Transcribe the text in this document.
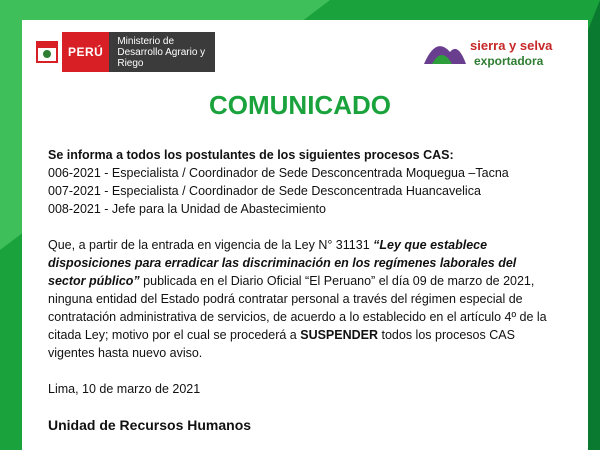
PERÚ
Ministerio de Desarrollo Agrario y Riego
sierra y selva
exportadora
COMUNICADO

Se informa a todos los postulantes de los siguientes procesos CAS:

006-2021 - Especialista / Coordinador de Sede Desconcentrada Moquegua –Tacna

007-2021 - Especialista / Coordinador de Sede Desconcentrada Huancavelica

008-2021 - Jefe para la Unidad de Abastecimiento

Que, a partir de la entrada en vigencia de la Ley N° 31131 “Ley que establece disposiciones para erradicar las discriminación en los regímenes laborales del sector público” publicada en el Diario Oficial “El Peruano” el día 09 de marzo de 2021, ninguna entidad del Estado podrá contratar personal a través del régimen especial de contratación administrativa de servicios, de acuerdo a lo establecido en el artículo 4º de la citada Ley; motivo por el cual se procederá a SUSPENDER todos los procesos CAS vigentes hasta nuevo aviso.

Lima, 10 de marzo de 2021

Unidad de Recursos Humanos
